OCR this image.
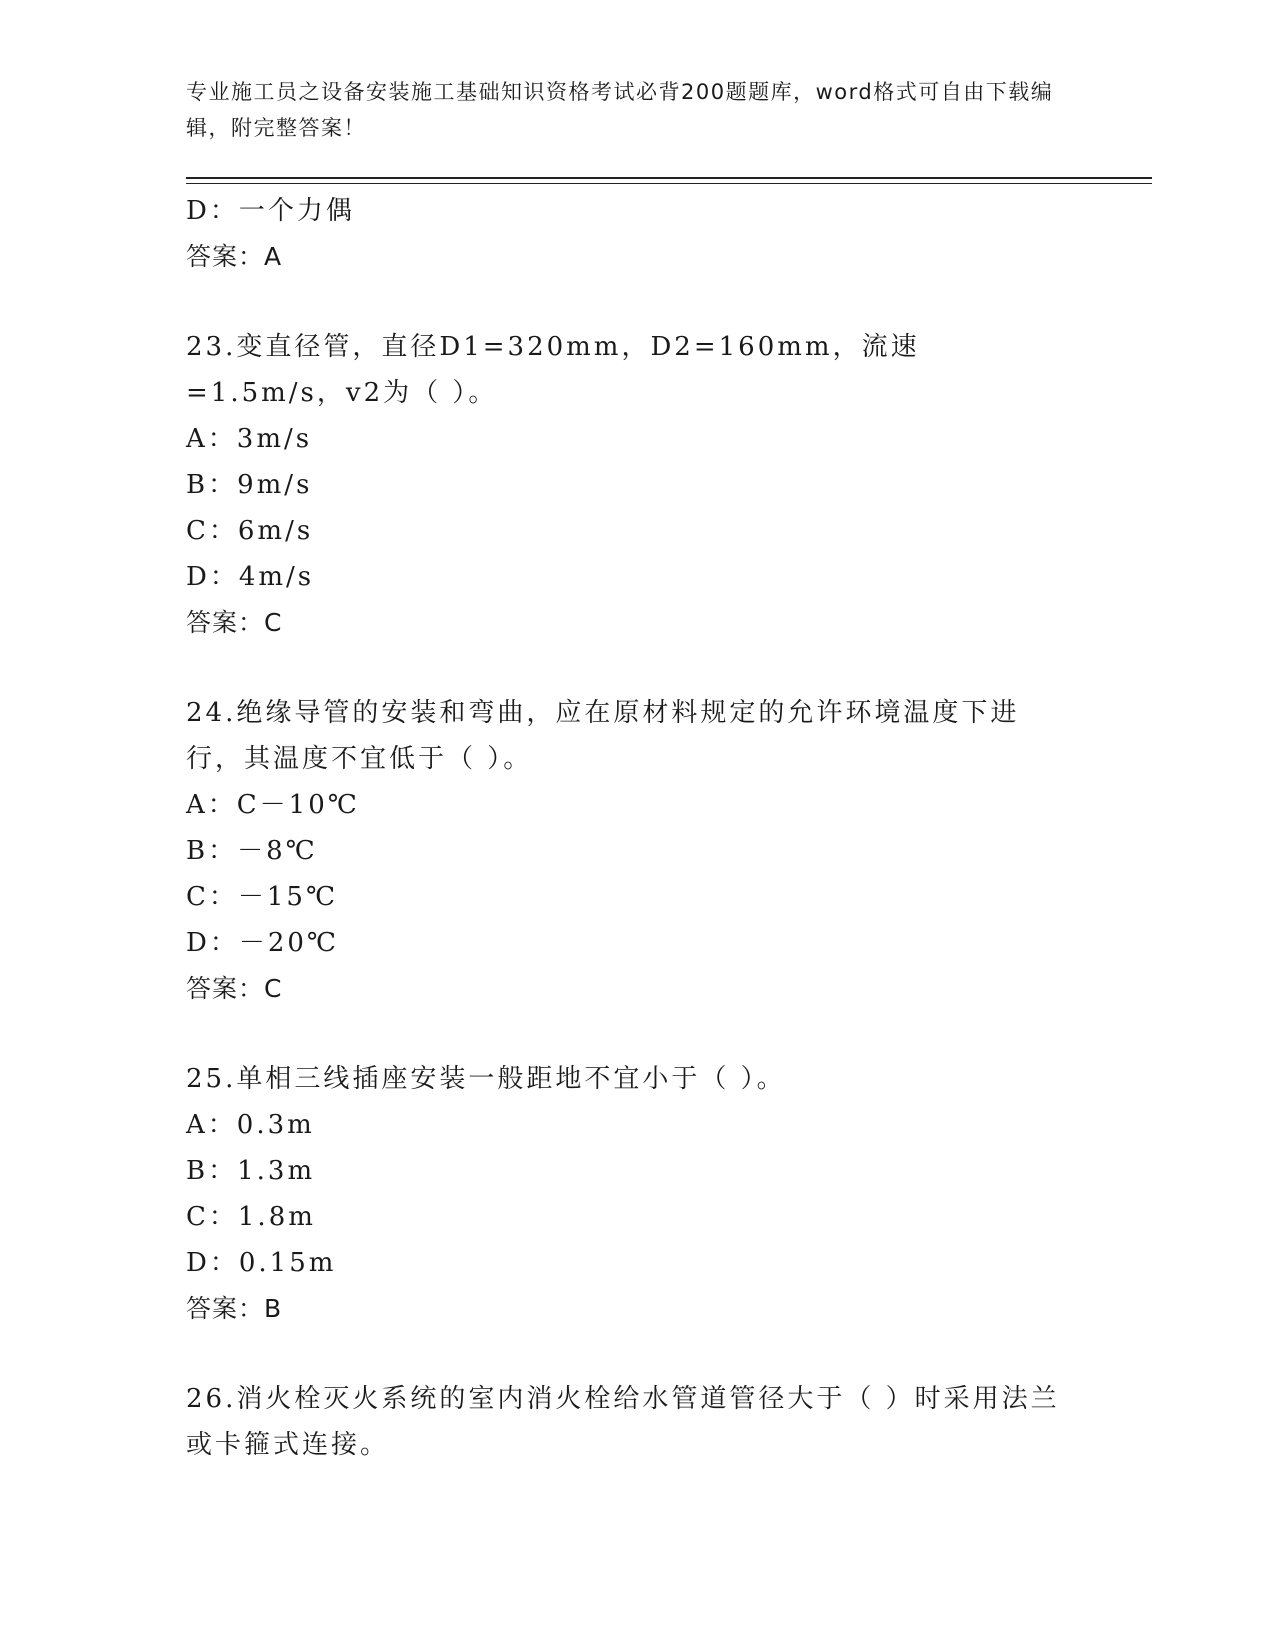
专业施工员之设备安装施工基础知识资格考试必背200题题库，word格式可自由下载编辑，附完整答案！
D：一个力偶
答案：A
23.变直径管，直径D1=320mm，D2=160mm，流速=1.5m/s，v2为（ ）。
A：3m/s
B：9m/s
C：6m/s
D：4m/s
答案：C
24.绝缘导管的安装和弯曲，应在原材料规定的允许环境温度下进行，其温度不宜低于（ ）。
A：C－10℃
B：－8℃
C：－15℃
D：－20℃
答案：C
25.单相三线插座安装一般距地不宜小于（ ）。
A：0.3m
B：1.3m
C：1.8m
D：0.15m
答案：B
26.消火栓灭火系统的室内消火栓给水管道管径大于（ ）时采用法兰或卡箍式连接。
